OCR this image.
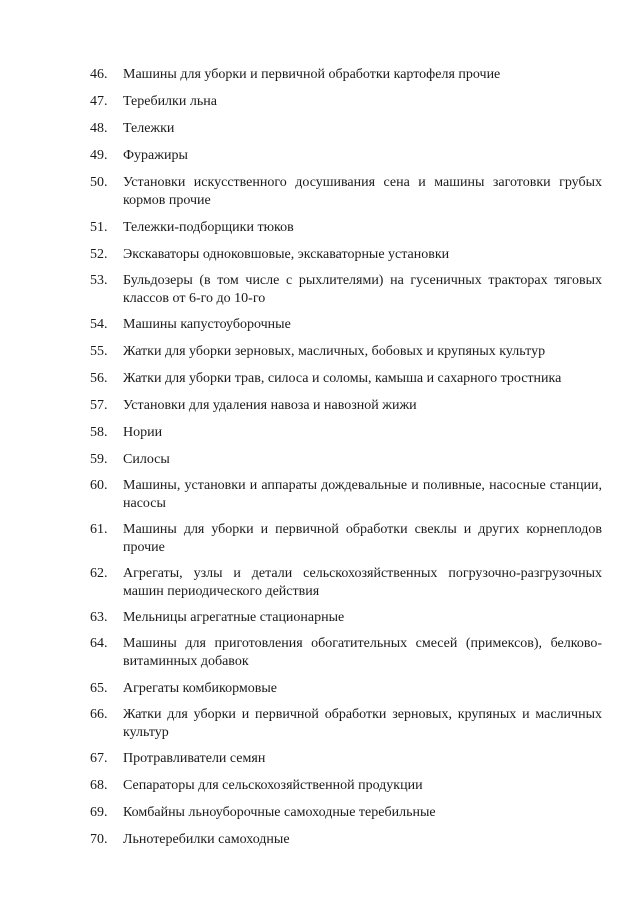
46.	Машины для уборки и первичной обработки картофеля прочие
47.	Теребилки льна
48.	Тележки
49.	Фуражиры
50.	Установки искусственного досушивания сена и машины заготовки грубых кормов прочие
51.	Тележки-подборщики тюков
52.	Экскаваторы одноковшовые, экскаваторные установки
53.	Бульдозеры (в том числе с рыхлителями) на гусеничных тракторах тяговых классов от 6-го до 10-го
54.	Машины капустоуборочные
55.	Жатки для уборки зерновых, масличных, бобовых и крупяных культур
56.	Жатки для уборки трав, силоса и соломы, камыша и сахарного тростника
57.	Установки для удаления навоза и навозной жижи
58.	Нории
59.	Силосы
60.	Машины, установки и аппараты дождевальные и поливные, насосные станции, насосы
61.	Машины для уборки и первичной обработки свеклы и других корнеплодов прочие
62.	Агрегаты, узлы и детали сельскохозяйственных погрузочно-разгрузочных машин периодического действия
63.	Мельницы агрегатные стационарные
64.	Машины для приготовления обогатительных смесей (примексов), белково-витаминных добавок
65.	Агрегаты комбикормовые
66.	Жатки для уборки и первичной обработки зерновых, крупяных и масличных культур
67.	Протравливатели семян
68.	Сепараторы для сельскохозяйственной продукции
69.	Комбайны льноуборочные самоходные теребильные
70.	Льнотеребилки самоходные
